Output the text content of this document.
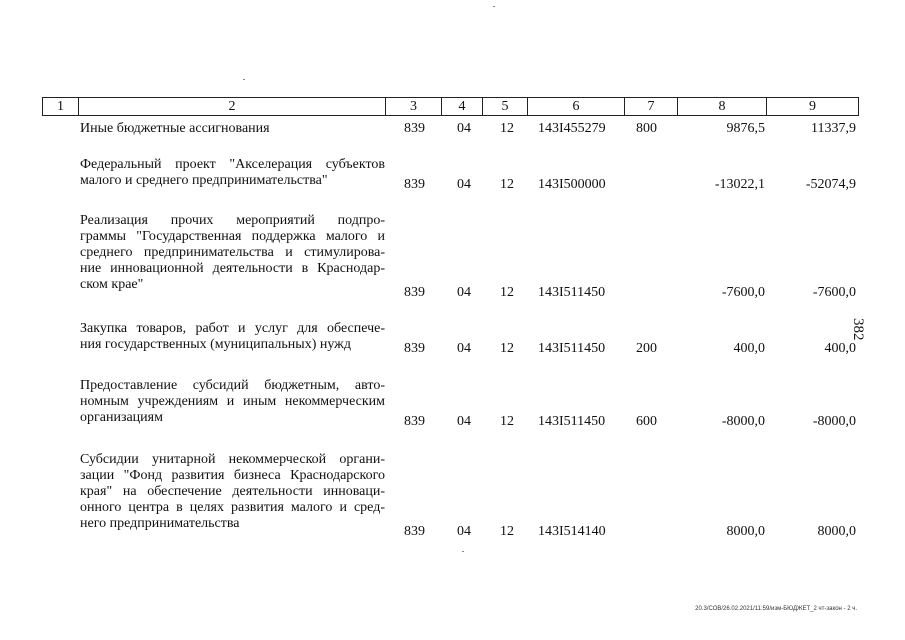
1	2	3	4	5	6	7	8	9
Иные бюджетные ассигнования	839 04 12 143I455279 800	9876,5	11337,9
Федеральный проект "Акселерация субъектов
малого и среднего предпринимательства"	839 04 12 143I500000	-13022,1	-52074,9
Реализация прочих мероприятий подпро-
граммы "Государственная поддержка малого и
среднего предпринимательства и стимулирова-
ние инновационной деятельности в Краснодар-
ском крае"
839 04 12 143I511450	-7600,0	-7600,0
Закупка товаров, работ и услуг для обеспече-
ния государственных (муниципальных) нужд	839 04 12 143I511450 200	400,0	400,0
Предоставление субсидий бюджетным, авто-
номным учреждениям и иным некоммерческим
организациям	839 04 12 143I511450 600	-8000,0	-8000,0
Субсидии унитарной некоммерческой органи-
зации "Фонд развития бизнеса Краснодарского
края" на обеспечение деятельности инноваци-
онного центра в целях развития малого и сред-
него предпринимательства
839 04 12 143I514140	8000,0	8000,0
382
20.3/СОВ/26.02.2021/11:59/изм-БЮДЖЕТ_2 чт-закон - 2 ч.
